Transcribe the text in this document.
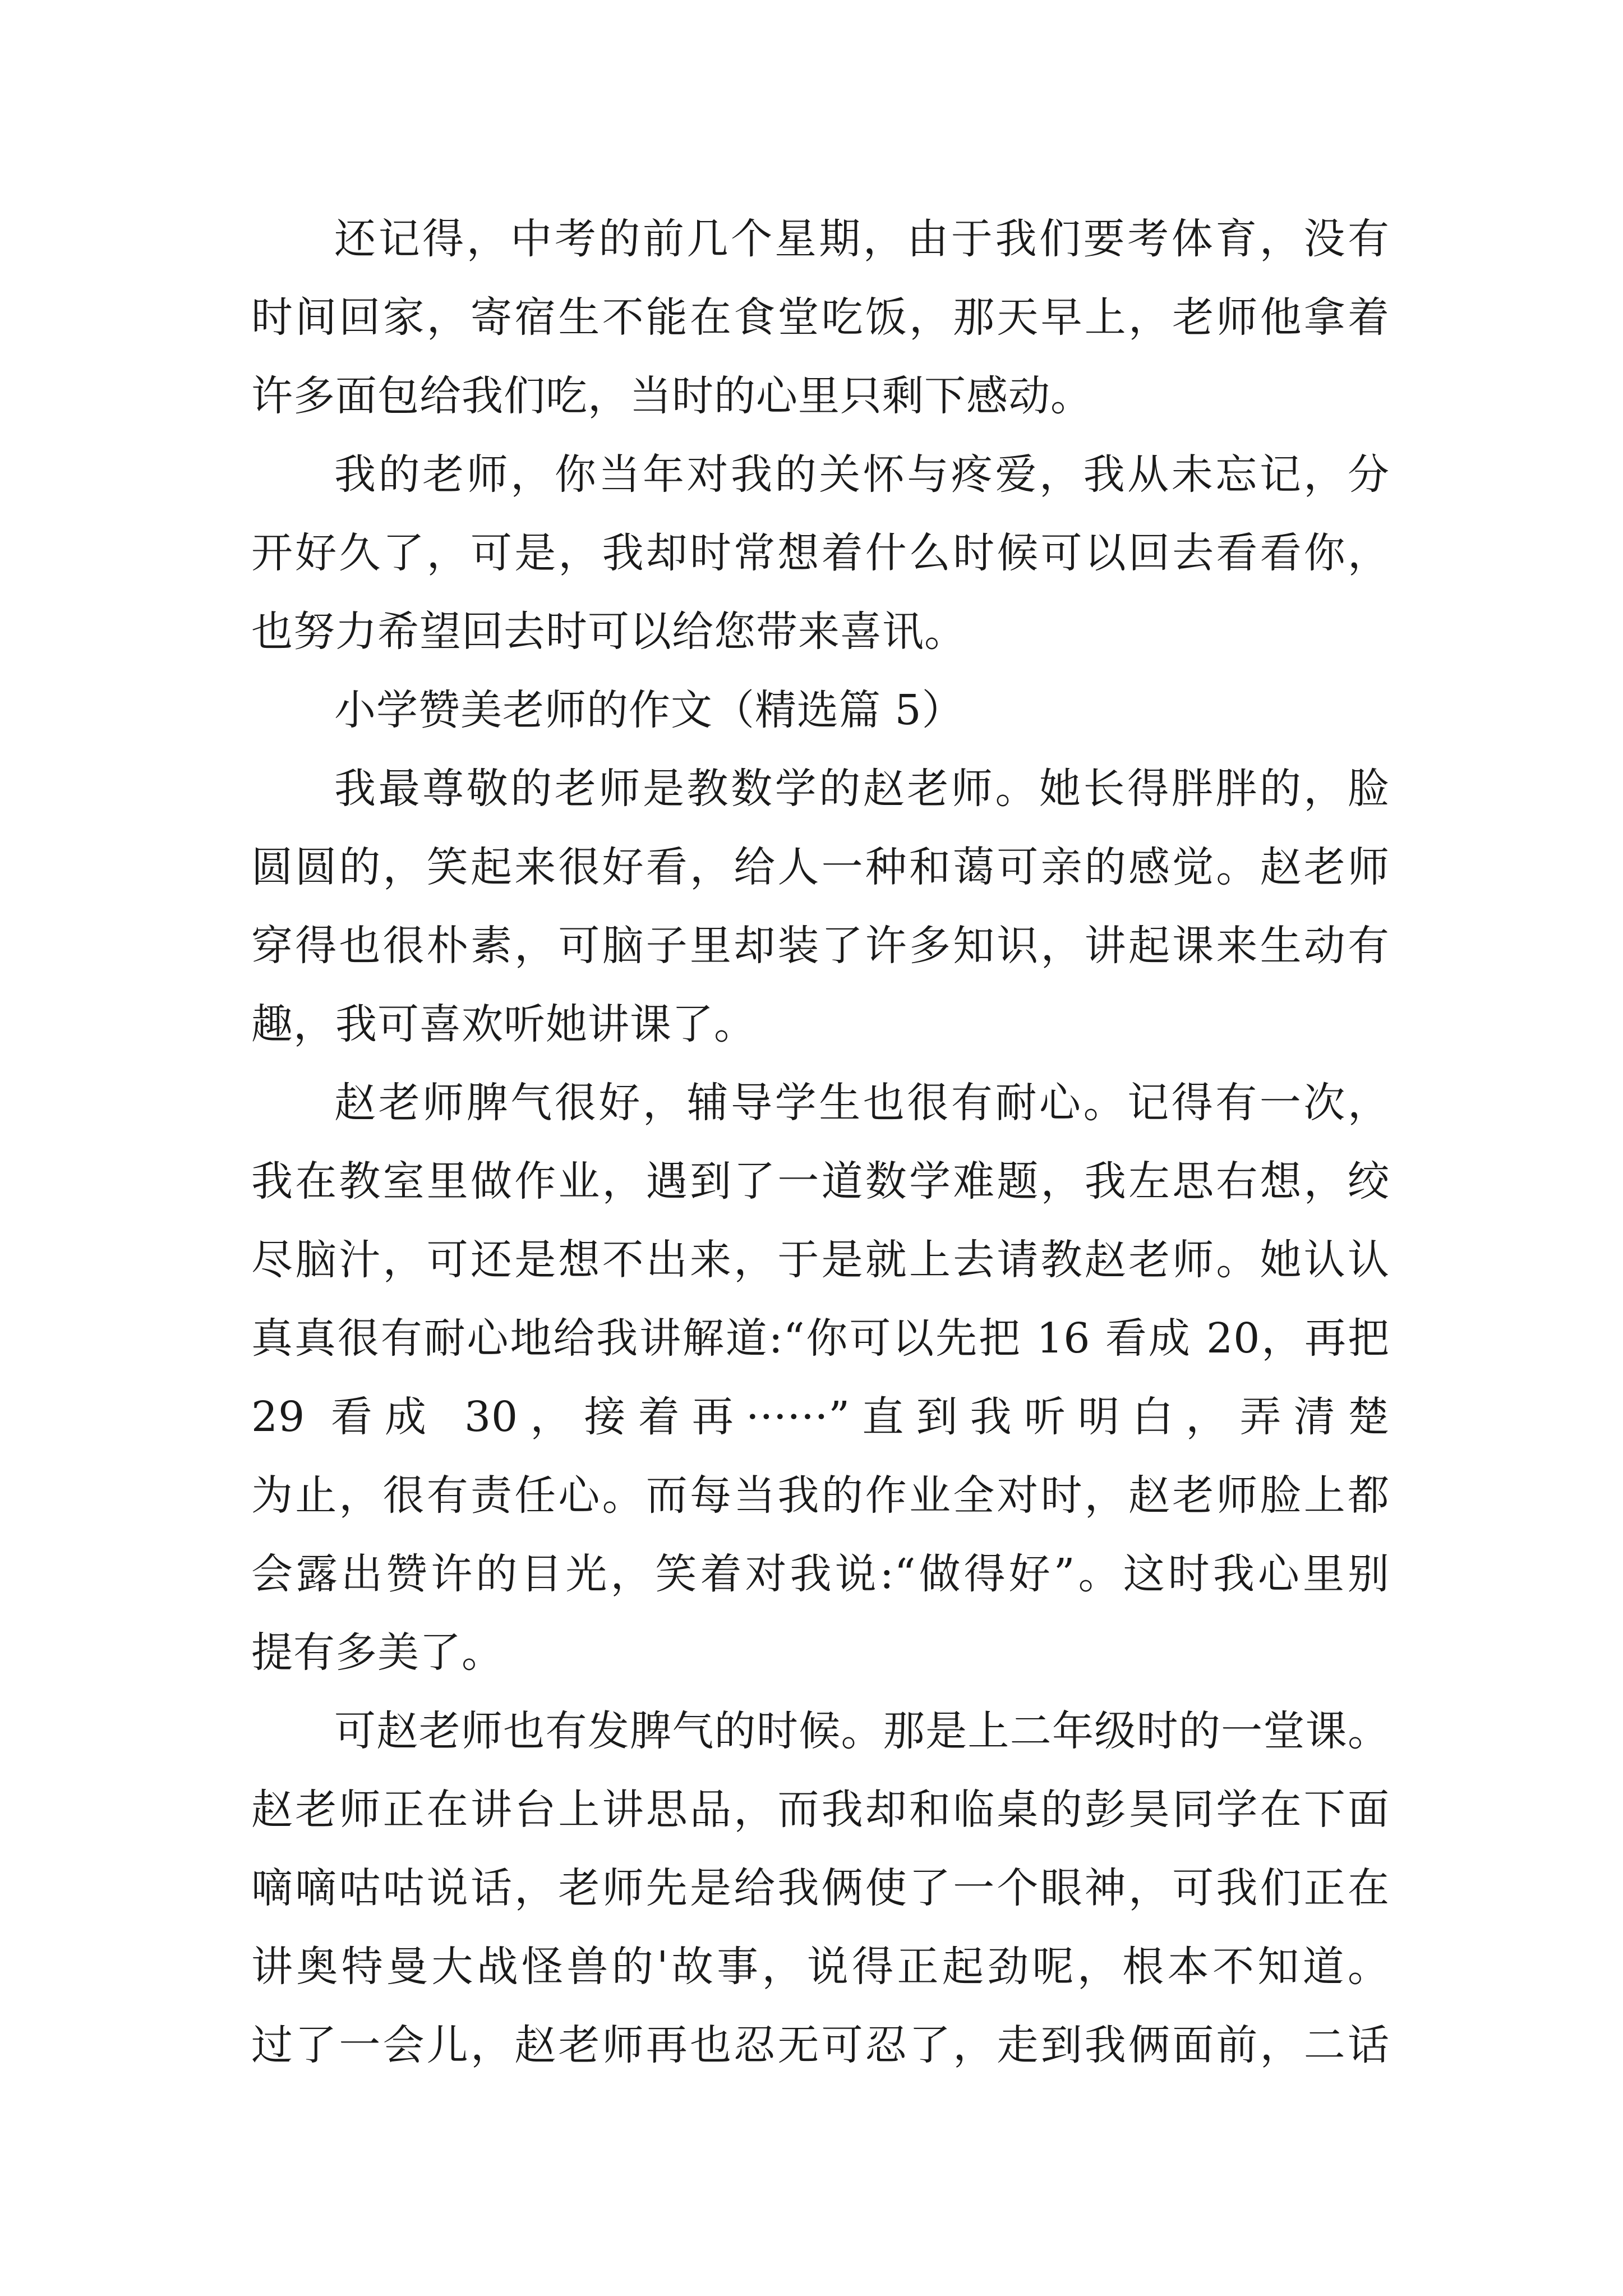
还记得，中考的前几个星期，由于我们要考体育，没有
时间回家，寄宿生不能在食堂吃饭，那天早上，老师他拿着
许多面包给我们吃，当时的心里只剩下感动。
我的老师，你当年对我的关怀与疼爱，我从未忘记，分
开好久了，可是，我却时常想着什么时候可以回去看看你，
也努力希望回去时可以给您带来喜讯。
小学赞美老师的作文（精选篇 5）
我最尊敬的老师是教数学的赵老师。她长得胖胖的，脸
圆圆的，笑起来很好看，给人一种和蔼可亲的感觉。赵老师
穿得也很朴素，可脑子里却装了许多知识，讲起课来生动有
趣，我可喜欢听她讲课了。
赵老师脾气很好，辅导学生也很有耐心。记得有一次，
我在教室里做作业，遇到了一道数学难题，我左思右想，绞
尽脑汁，可还是想不出来，于是就上去请教赵老师。她认认
真真很有耐心地给我讲解道:“你可以先把 16 看成 20，再把
29 看成 30，接着再······”直到我听明白，弄清楚
为止，很有责任心。而每当我的作业全对时，赵老师脸上都
会露出赞许的目光，笑着对我说:“做得好”。这时我心里别
提有多美了。
可赵老师也有发脾气的时候。那是上二年级时的一堂课。
赵老师正在讲台上讲思品，而我却和临桌的彭昊同学在下面
嘀嘀咕咕说话，老师先是给我俩使了一个眼神，可我们正在
讲奥特曼大战怪兽的'故事，说得正起劲呢，根本不知道。
过了一会儿，赵老师再也忍无可忍了，走到我俩面前，二话
